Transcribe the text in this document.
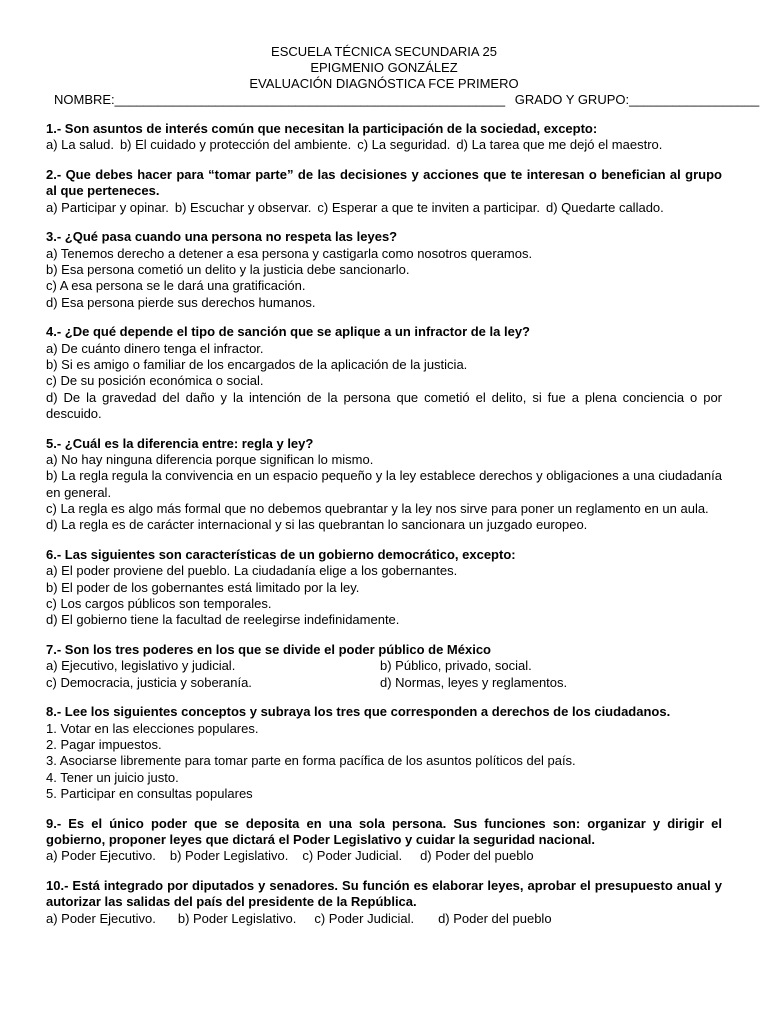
ESCUELA TÉCNICA SECUNDARIA 25
EPIGMENIO GONZÁLEZ
EVALUACIÓN DIAGNÓSTICA FCE PRIMERO
NOMBRE:______________________________________________________ GRADO Y GRUPO:__________________
1.- Son asuntos de interés común que necesitan la participación de la sociedad, excepto:
a) La salud. b) El cuidado y protección del ambiente. c) La seguridad. d) La tarea que me dejó el maestro.
2.- Que debes hacer para “tomar parte” de las decisiones y acciones que te interesan o benefician al grupo al que perteneces.
a) Participar y opinar. b) Escuchar y observar. c) Esperar a que te inviten a participar. d) Quedarte callado.
3.- ¿Qué pasa cuando una persona no respeta las leyes?
a) Tenemos derecho a detener a esa persona y castigarla como nosotros queramos.
b) Esa persona cometió un delito y la justicia debe sancionarlo.
c) A esa persona se le dará una gratificación.
d) Esa persona pierde sus derechos humanos.
4.- ¿De qué depende el tipo de sanción que se aplique a un infractor de la ley?
a) De cuánto dinero tenga el infractor.
b) Si es amigo o familiar de los encargados de la aplicación de la justicia.
c) De su posición económica o social.
d) De la gravedad del daño y la intención de la persona que cometió el delito, si fue a plena conciencia o por descuido.
5.- ¿Cuál es la diferencia entre: regla y ley?
a) No hay ninguna diferencia porque significan lo mismo.
b) La regla regula la convivencia en un espacio pequeño y la ley establece derechos y obligaciones a una ciudadanía en general.
c) La regla es algo más formal que no debemos quebrantar y la ley nos sirve para poner un reglamento en un aula.
d) La regla es de carácter internacional y si las quebrantan lo sancionara un juzgado europeo.
6.- Las siguientes son características de un gobierno democrático, excepto:
a) El poder proviene del pueblo. La ciudadanía elige a los gobernantes.
b) El poder de los gobernantes está limitado por la ley.
c) Los cargos públicos son temporales.
d) El gobierno tiene la facultad de reelegirse indefinidamente.
7.- Son los tres poderes en los que se divide el poder público de México
a) Ejecutivo, legislativo y judicial.	b) Público, privado, social.
c) Democracia, justicia y soberanía.	d) Normas, leyes y reglamentos.
8.- Lee los siguientes conceptos y subraya los tres que corresponden a derechos de los ciudadanos.
1. Votar en las elecciones populares.
2. Pagar impuestos.
3. Asociarse libremente para tomar parte en forma pacífica de los asuntos políticos del país.
4. Tener un juicio justo.
5. Participar en consultas populares
9.- Es el único poder que se deposita en una sola persona. Sus funciones son: organizar y dirigir el gobierno, proponer leyes que dictará el Poder Legislativo y cuidar la seguridad nacional.
a) Poder Ejecutivo. b) Poder Legislativo. c) Poder Judicial. d) Poder del pueblo
10.- Está integrado por diputados y senadores. Su función es elaborar leyes, aprobar el presupuesto anual y autorizar las salidas del país del presidente de la República.
a) Poder Ejecutivo. b) Poder Legislativo. c) Poder Judicial. d) Poder del pueblo
